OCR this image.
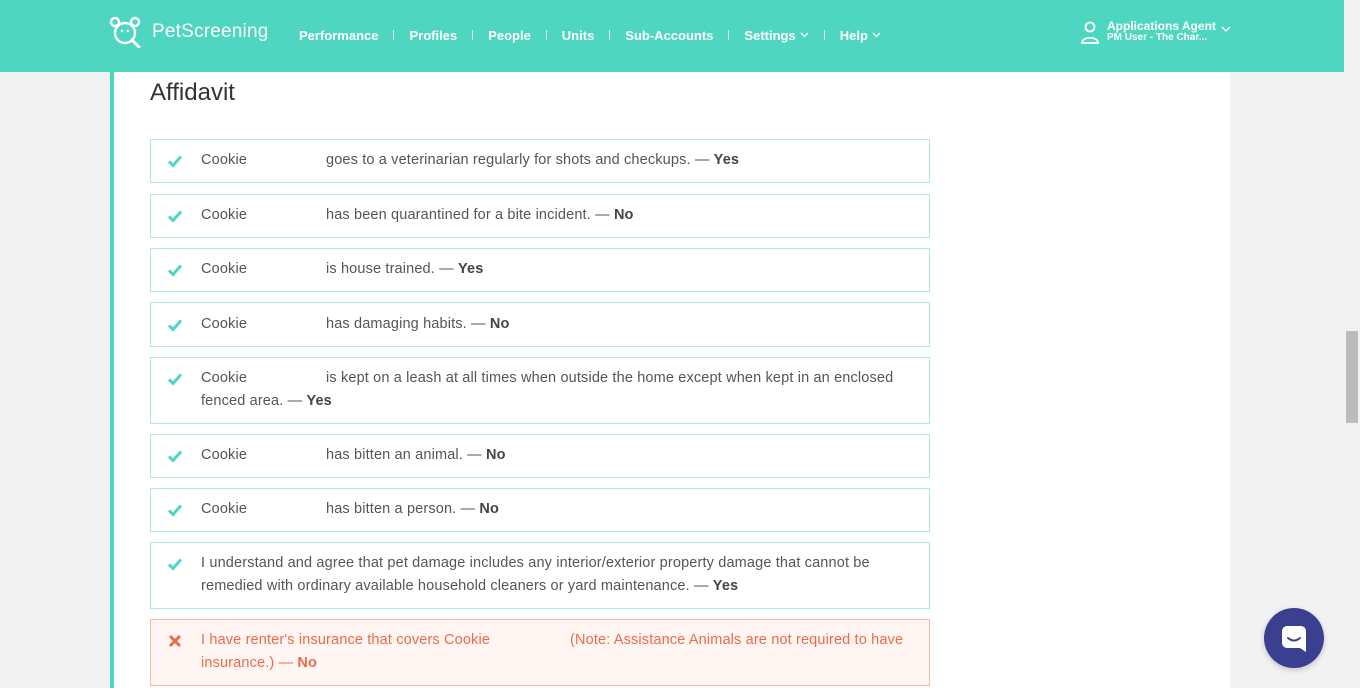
PetScreening Performance Profiles People Units Sub-Accounts Settings	Help
Applications Agent
PM User - The Char...
Affidavit
Cookie	goes to a veterinarian regularly for shots and checkups. — Yes
Cookie	has been quarantined for a bite incident. — No
Cookie	is house trained. — Yes
Cookie	has damaging habits. — No
Cookie	is kept on a leash at all times when outside the home except when kept in an enclosed fenced area. — Yes
Cookie	has bitten an animal. — No
Cookie	has bitten a person. — No
I understand and agree that pet damage includes any interior/exterior property damage that cannot be remedied with ordinary available household cleaners or yard maintenance. — Yes
I have renter's insurance that covers Cookie	(Note: Assistance Animals are not required to have insurance.) — No
